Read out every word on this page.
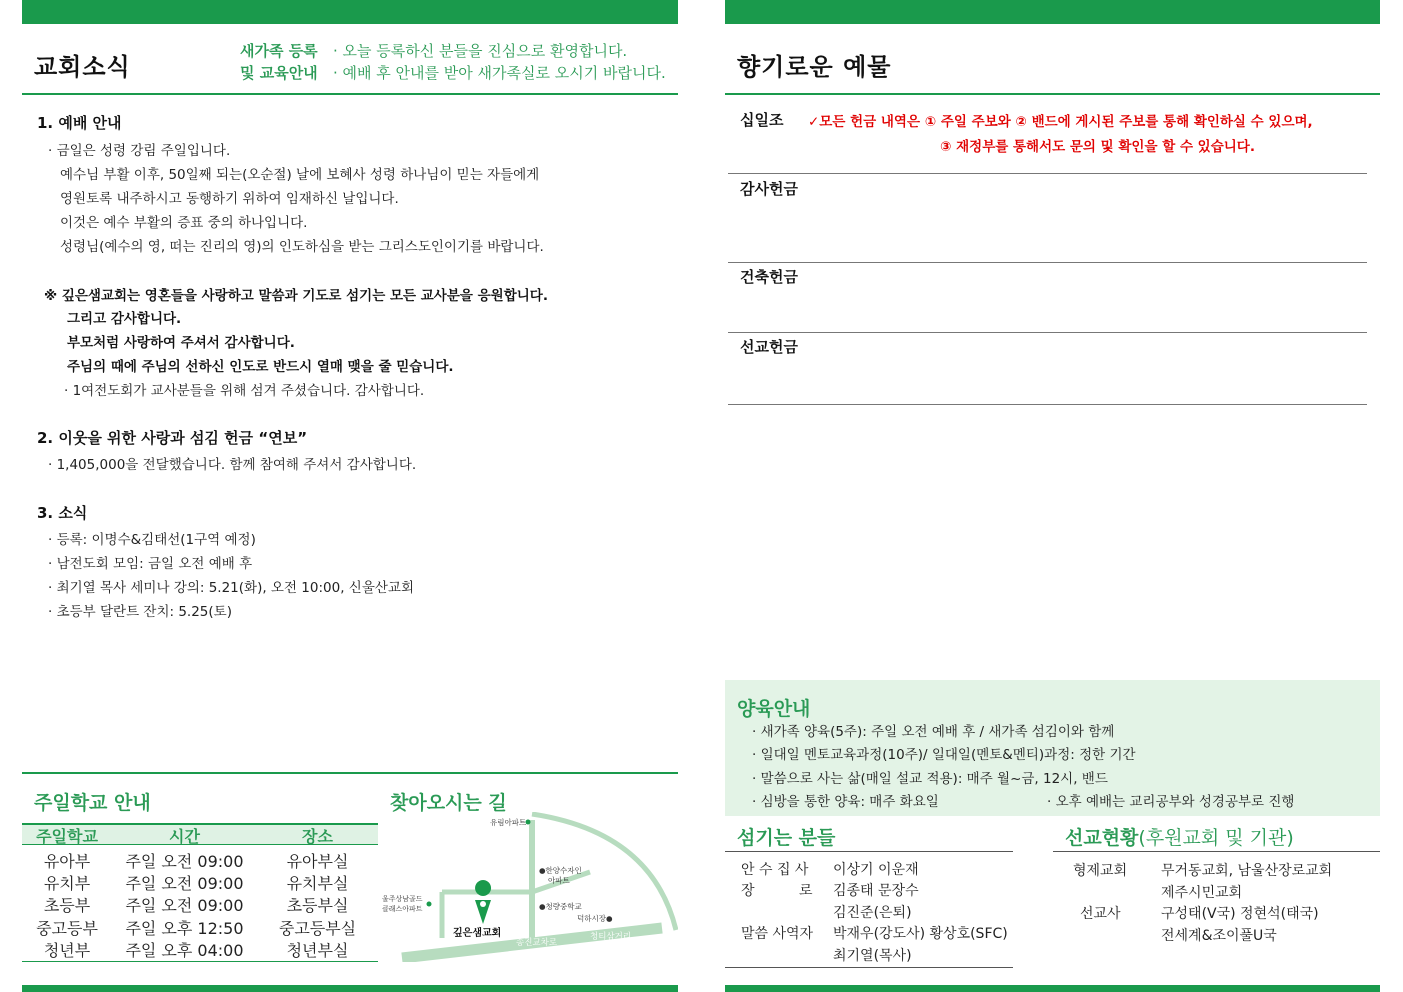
교회소식
새가족 등록
및 교육안내
· 오늘 등록하신 분들을 진심으로 환영합니다.
· 예배 후 안내를 받아 새가족실로 오시기 바랍니다.
1. 예배 안내
· 금일은 성령 강림 주일입니다.
예수님 부활 이후, 50일째 되는(오순절) 날에 보혜사 성령 하나님이 믿는 자들에게
영원토록 내주하시고 동행하기 위하여 임재하신 날입니다.
이것은 예수 부활의 증표 중의 하나입니다.
성령님(예수의 영, 떠는 진리의 영)의 인도하심을 받는 그리스도인이기를 바랍니다.
※ 깊은샘교회는 영혼들을 사랑하고 말씀과 기도로 섬기는 모든 교사분을 응원합니다.
그리고 감사합니다.
부모처럼 사랑하여 주셔서 감사합니다.
주님의 때에 주님의 선하신 인도로 반드시 열매 맺을 줄 믿습니다.
· 1여전도회가 교사분들을 위해 섬겨 주셨습니다. 감사합니다.
2. 이웃을 위한 사랑과 섬김 헌금 “연보”
· 1,405,000을 전달했습니다. 함께 참여해 주셔서 감사합니다.
3. 소식
· 등록: 이명수&김태선(1구역 예정)
· 남전도회 모임: 금일 오전 예배 후
· 최기열 목사 세미나 강의: 5.21(화), 오전 10:00, 신울산교회
· 초등부 달란트 잔치: 5.25(토)
주일학교 안내
주일학교	시간	장소
유아부	주일 오전 09:00	유아부실
유치부	주일 오전 09:00	유치부실
초등부	주일 오전 09:00	초등부실
중고등부	주일 오후 12:50	중고등부실
청년부	주일 오후 04:00	청년부실
찾아오시는 길
유림아파트
●한양수자인
아파트
울주상남골드
클래스아파트
깊은샘교회
●청량중학교
덕하시장●
송진교차로
청티삼거리
향기로운 예물
십일조 ✓모든 헌금 내역은 ① 주일 주보와 ② 밴드에 게시된 주보를 통해 확인하실 수 있으며,
③ 재정부를 통해서도 문의 및 확인을 할 수 있습니다.
감사헌금
건축헌금
선교헌금
양육안내
· 새가족 양육(5주): 주일 오전 예배 후 / 새가족 섬김이와 함께
· 일대일 멘토교육과정(10주)/ 일대일(멘토&멘티)과정: 정한 기간
· 말씀으로 사는 삶(매일 설교 적용): 매주 월~금, 12시, 밴드
· 심방을 통한 양육: 매주 화요일	· 오후 예배는 교리공부와 성경공부로 진행
섬기는 분들
안 수 집 사 이상기 이운재
장          로 김종태 문장수
김진준(은퇴)
말씀 사역자 박재우(강도사) 황상호(SFC)
최기열(목사)
선교현황(후원교회 및 기관)
형제교회 무거동교회, 남울산장로교회
제주시민교회
선교사	구성태(V국) 정현석(태국)
전세계&조이풀U국
